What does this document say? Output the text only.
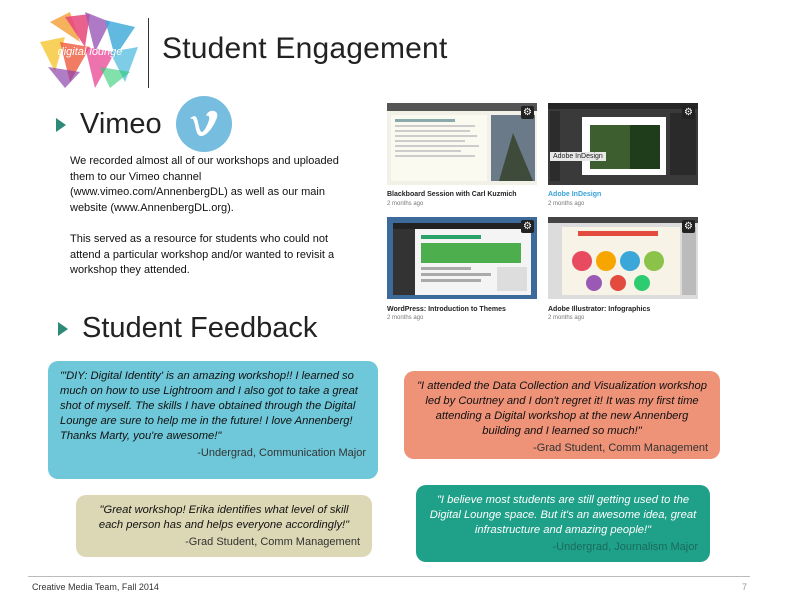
digital lounge Student Engagement
Vimeo
We recorded almost all of our workshops and uploaded them to our Vimeo channel (www.vimeo.com/AnnenbergDL) as well as our main website (www.AnnenbergDL.org).
This served as a resource for students who could not attend a particular workshop and/or wanted to revisit a workshop they attended.
⚙
Blackboard Session with Carl Kuzmich
2 months ago
Adobe InDesign
⚙
Adobe InDesign
2 months ago
⚙
WordPress: Introduction to Themes
2 months ago
⚙
Adobe Illustrator: Infographics
2 months ago
Student Feedback
"'DIY: Digital Identity' is an amazing workshop!! I learned so much on how to use Lightroom and I also got to take a great shot of myself. The skills I have obtained through the Digital Lounge are sure to help me in the future! I love Annenberg! Thanks Marty, you're awesome!"
-Undergrad, Communication Major
"I attended the Data Collection and Visualization workshop led by Courtney and I don't regret it! It was my first time attending a Digital workshop at the new Annenberg building and I learned so much!"
-Grad Student, Comm Management
"Great workshop! Erika identifies what level of skill each person has and helps everyone accordingly!"
-Grad Student, Comm Management
"I believe most students are still getting used to the Digital Lounge space. But it's an awesome idea, great infrastructure and amazing people!"
-Undergrad, Journalism Major
Creative Media Team, Fall 2014	7
